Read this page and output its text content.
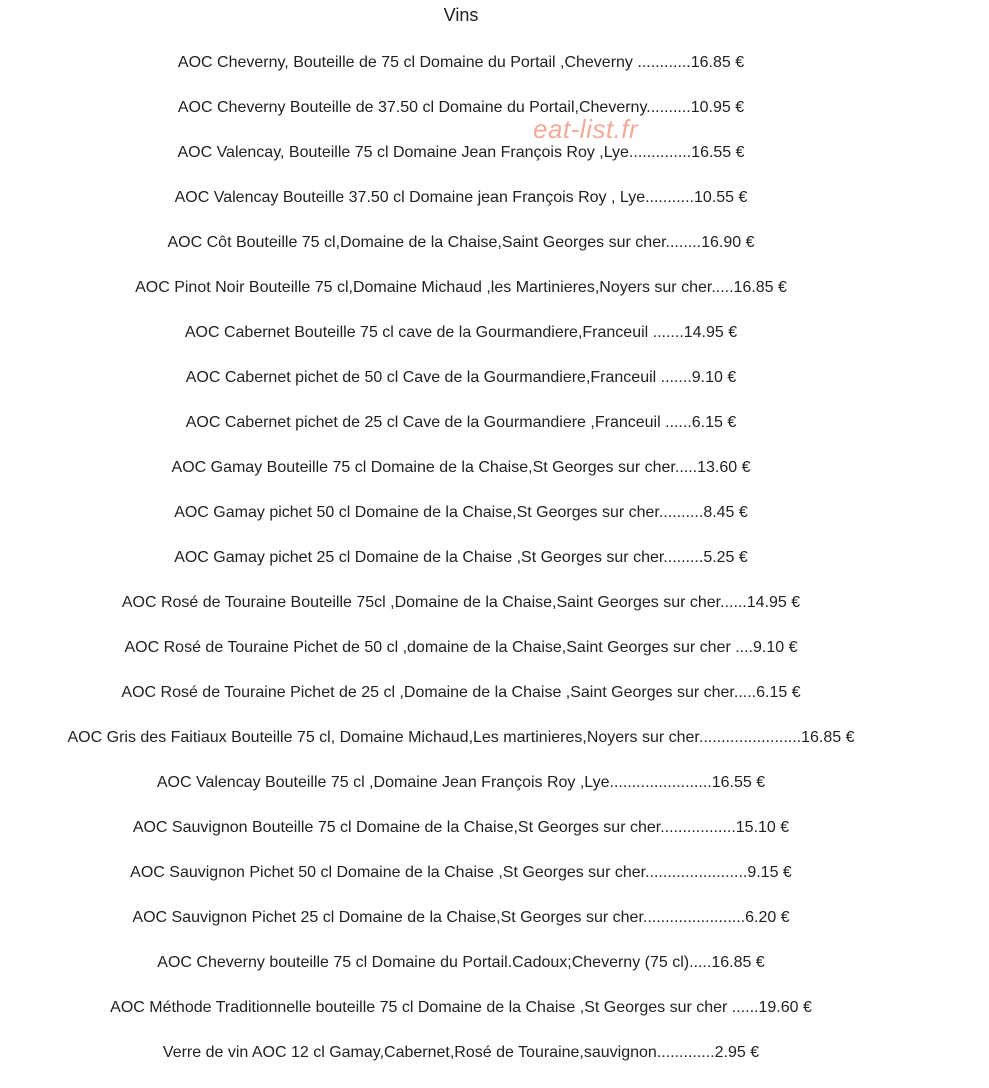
Vins
eat-list.fr
AOC Cheverny, Bouteille de 75 cl Domaine du Portail ,Cheverny ............16.85 €
AOC Cheverny Bouteille de 37.50 cl Domaine du Portail,Cheverny..........10.95 €
AOC Valencay, Bouteille 75 cl Domaine Jean François Roy ,Lye..............16.55 €
AOC Valencay Bouteille 37.50 cl Domaine jean François Roy , Lye...........10.55 €
AOC Côt Bouteille 75 cl,Domaine de la Chaise,Saint Georges sur cher........16.90 €
AOC Pinot Noir Bouteille 75 cl,Domaine Michaud ,les Martinieres,Noyers sur cher.....16.85 €
AOC Cabernet Bouteille 75 cl cave de la Gourmandiere,Franceuil .......14.95 €
AOC Cabernet pichet de 50 cl Cave de la Gourmandiere,Franceuil .......9.10 €
AOC Cabernet pichet de 25 cl Cave de la Gourmandiere ,Franceuil ......6.15 €
AOC Gamay Bouteille 75 cl Domaine de la Chaise,St Georges sur cher.....13.60 €
AOC Gamay pichet 50 cl Domaine de la Chaise,St Georges sur cher..........8.45 €
AOC Gamay pichet 25 cl Domaine de la Chaise ,St Georges sur cher.........5.25 €
AOC Rosé de Touraine Bouteille 75cl ,Domaine de la Chaise,Saint Georges sur cher......14.95 €
AOC Rosé de Touraine Pichet de 50 cl ,domaine de la Chaise,Saint Georges sur cher ....9.10 €
AOC Rosé de Touraine Pichet de 25 cl ,Domaine de la Chaise ,Saint Georges sur cher.....6.15 €
AOC Gris des Faitiaux Bouteille 75 cl, Domaine Michaud,Les martinieres,Noyers sur cher.......................16.85 €
AOC Valencay Bouteille 75 cl ,Domaine Jean François Roy ,Lye.......................16.55 €
AOC Sauvignon Bouteille 75 cl Domaine de la Chaise,St Georges sur cher.................15.10 €
AOC Sauvignon Pichet 50 cl Domaine de la Chaise ,St Georges sur cher.......................9.15 €
AOC Sauvignon Pichet 25 cl Domaine de la Chaise,St Georges sur cher.......................6.20 €
AOC Cheverny bouteille 75 cl Domaine du Portail.Cadoux;Cheverny (75 cl).....16.85 €
AOC Méthode Traditionnelle bouteille 75 cl Domaine de la Chaise ,St Georges sur cher ......19.60 €
Verre de vin AOC 12 cl Gamay,Cabernet,Rosé de Touraine,sauvignon.............2.95 €
